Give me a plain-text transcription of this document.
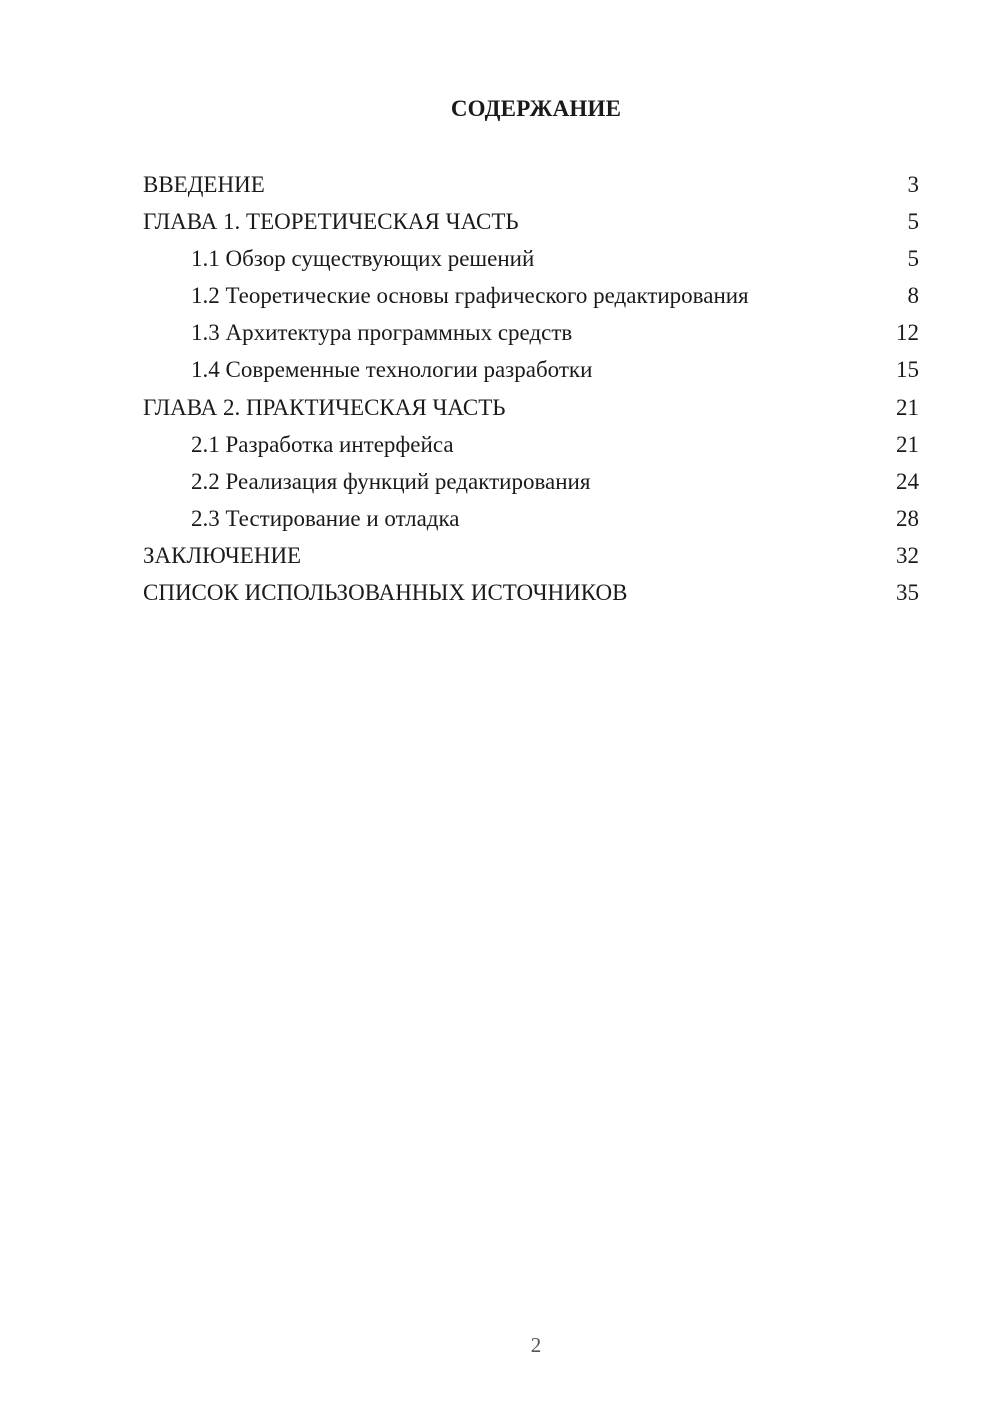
СОДЕРЖАНИЕ
ВВЕДЕНИЕ	3
ГЛАВА 1. ТЕОРЕТИЧЕСКАЯ ЧАСТЬ	5
1.1 Обзор существующих решений	5
1.2 Теоретические основы графического редактирования	8
1.3 Архитектура программных средств	12
1.4 Современные технологии разработки	15
ГЛАВА 2. ПРАКТИЧЕСКАЯ ЧАСТЬ	21
2.1 Разработка интерфейса	21
2.2 Реализация функций редактирования	24
2.3 Тестирование и отладка	28
ЗАКЛЮЧЕНИЕ	32
СПИСОК ИСПОЛЬЗОВАННЫХ ИСТОЧНИКОВ	35
2
